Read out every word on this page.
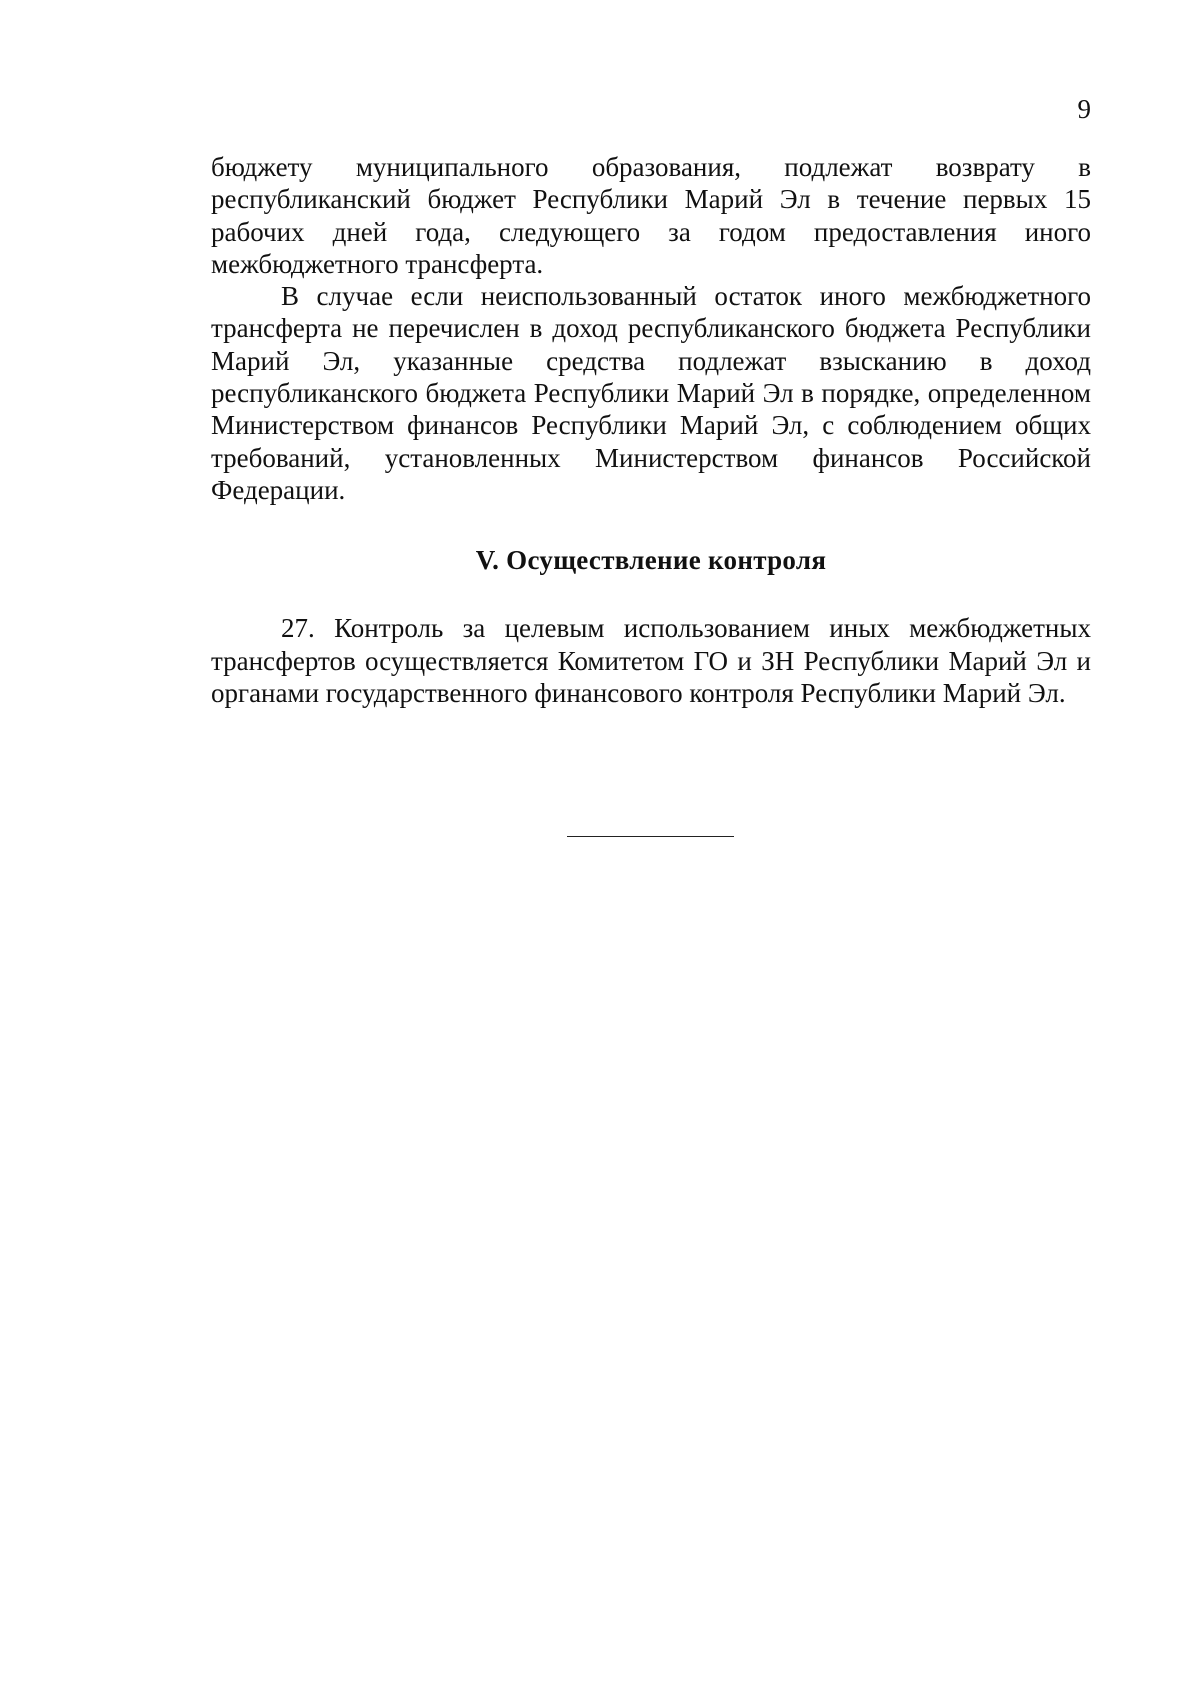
9

бюджету муниципального образования, подлежат возврату в республиканский бюджет Республики Марий Эл в течение первых 15 рабочих дней года, следующего за годом предоставления иного межбюджетного трансферта.

В случае если неиспользованный остаток иного межбюджетного трансферта не перечислен в доход республиканского бюджета Республики Марий Эл, указанные средства подлежат взысканию в доход республиканского бюджета Республики Марий Эл в порядке, определенном Министерством финансов Республики Марий Эл, с соблюдением общих требований, установленных Министерством финансов Российской Федерации.

V. Осуществление контроля

27. Контроль за целевым использованием иных межбюджетных трансфертов осуществляется Комитетом ГО и ЗН Республики Марий Эл и органами государственного финансового контроля Республики Марий Эл.
